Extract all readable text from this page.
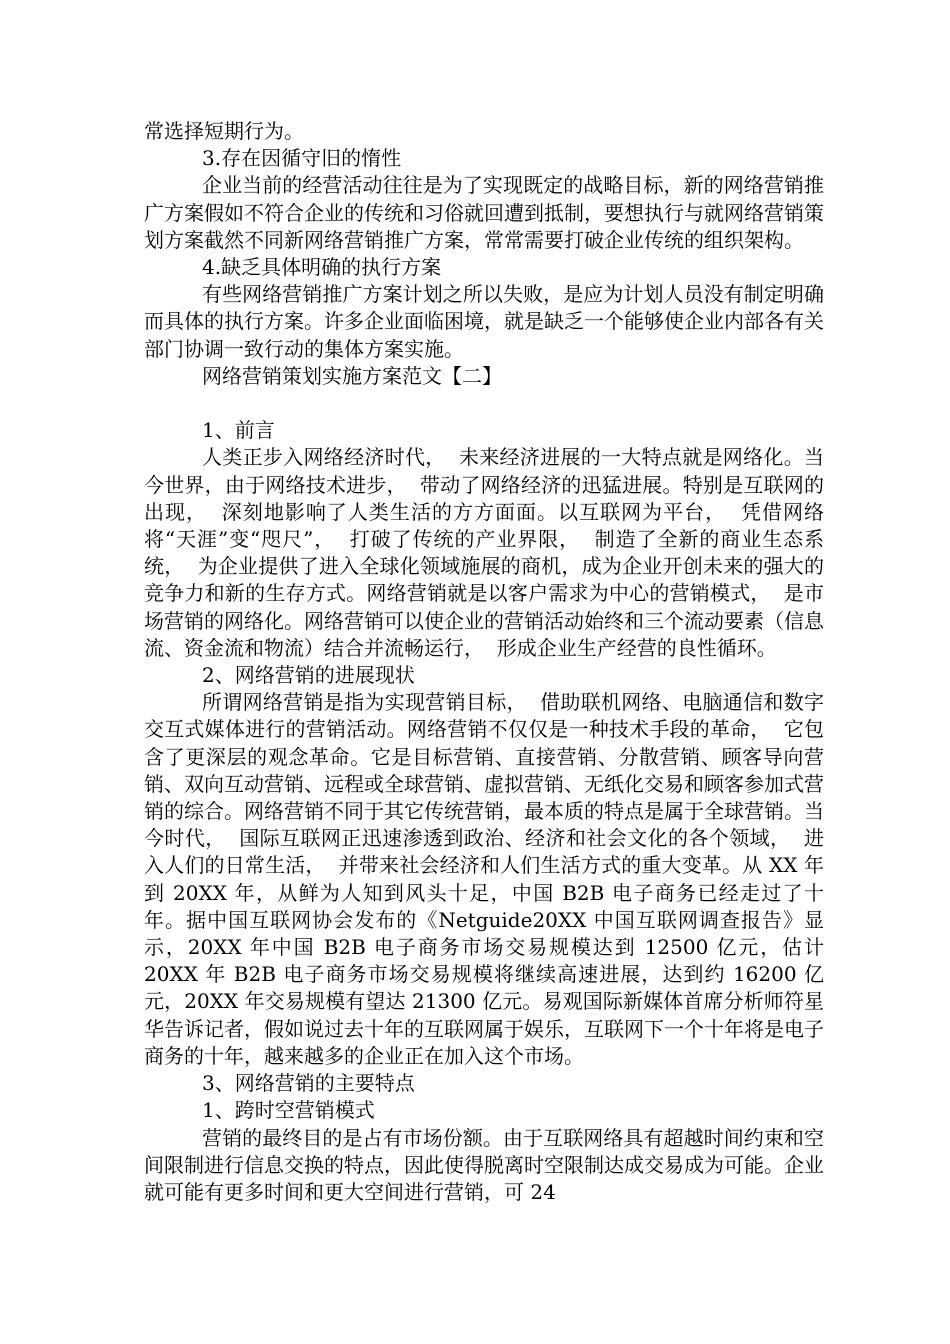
常选择短期行为。

3.存在因循守旧的惰性

企业当前的经营活动往往是为了实现既定的战略目标，新的网络营销推广方案假如不符合企业的传统和习俗就回遭到抵制，要想执行与就网络营销策划方案截然不同新网络营销推广方案，常常需要打破企业传统的组织架构。

4.缺乏具体明确的执行方案

有些网络营销推广方案计划之所以失败，是应为计划人员没有制定明确而具体的执行方案。许多企业面临困境，就是缺乏一个能够使企业内部各有关部门协调一致行动的集体方案实施。

网络营销策划实施方案范文【二】

1、前言

人类正步入网络经济时代，  未来经济进展的一大特点就是网络化。当今世界，由于网络技术进步，  带动了网络经济的迅猛进展。特别是互联网的出现，  深刻地影响了人类生活的方方面面。以互联网为平台，  凭借网络将“天涯”变“咫尺”，  打破了传统的产业界限，  制造了全新的商业生态系统，  为企业提供了进入全球化领域施展的商机，成为企业开创未来的强大的竞争力和新的生存方式。网络营销就是以客户需求为中心的营销模式，  是市场营销的网络化。网络营销可以使企业的营销活动始终和三个流动要素（信息流、资金流和物流）结合并流畅运行，  形成企业生产经营的良性循环。

2、网络营销的进展现状

所谓网络营销是指为实现营销目标，  借助联机网络、电脑通信和数字交互式媒体进行的营销活动。网络营销不仅仅是一种技术手段的革命，  它包含了更深层的观念革命。它是目标营销、直接营销、分散营销、顾客导向营销、双向互动营销、远程或全球营销、虚拟营销、无纸化交易和顾客参加式营销的综合。网络营销不同于其它传统营销，最本质的特点是属于全球营销。当今时代，  国际互联网正迅速渗透到政治、经济和社会文化的各个领域，  进入人们的日常生活，  并带来社会经济和人们生活方式的重大变革。从 XX 年到 20XX 年，从鲜为人知到风头十足，中国 B2B 电子商务已经走过了十年。据中国互联网协会发布的《Netguide20XX 中国互联网调查报告》显示，20XX 年中国 B2B 电子商务市场交易规模达到 12500 亿元，估计 20XX 年 B2B 电子商务市场交易规模将继续高速进展，达到约 16200 亿元，20XX 年交易规模有望达 21300 亿元。易观国际新媒体首席分析师符星华告诉记者，假如说过去十年的互联网属于娱乐，互联网下一个十年将是电子商务的十年，越来越多的企业正在加入这个市场。

3、网络营销的主要特点

1、跨时空营销模式

营销的最终目的是占有市场份额。由于互联网络具有超越时间约束和空间限制进行信息交换的特点，因此使得脱离时空限制达成交易成为可能。企业就可能有更多时间和更大空间进行营销，可 24
